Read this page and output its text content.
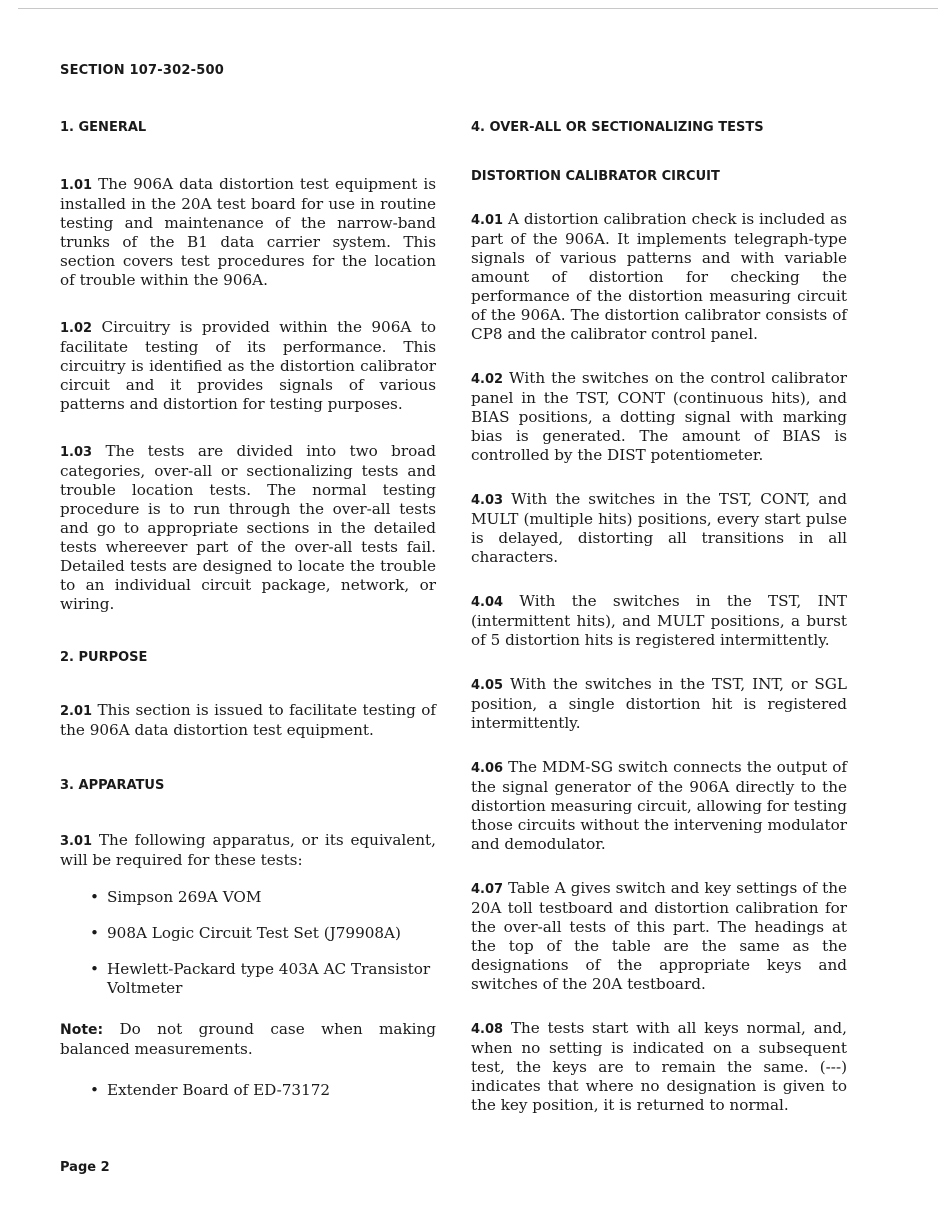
SECTION 107-302-500
1. GENERAL

1.01 The 906A data distortion test equipment is installed in the 20A test board for use in routine testing and maintenance of the narrow-band trunks of the B1 data carrier system. This section covers test procedures for the location of trouble within the 906A.

1.02 Circuitry is provided within the 906A to facilitate testing of its performance. This circuitry is identified as the distortion calibrator circuit and it provides signals of various patterns and distortion for testing purposes.

1.03 The tests are divided into two broad categories, over-all or sectionalizing tests and trouble location tests. The normal testing procedure is to run through the over-all tests and go to appropriate sections in the detailed tests whereever part of the over-all tests fail. Detailed tests are designed to locate the trouble to an individual circuit package, network, or wiring.

2. PURPOSE

2.01 This section is issued to facilitate testing of the 906A data distortion test equipment.

3. APPARATUS

3.01 The following apparatus, or its equivalent, will be required for these tests:

• Simpson 269A VOM

• 908A Logic Circuit Test Set (J79908A)

• Hewlett-Packard type 403A AC Transistor Voltmeter

Note: Do not ground case when making balanced measurements.

• Extender Board of ED-73172

4. OVER-ALL OR SECTIONALIZING TESTS
DISTORTION CALIBRATOR CIRCUIT

4.01 A distortion calibration check is included as part of the 906A. It implements telegraph-type signals of various patterns and with variable amount of distortion for checking the performance of the distortion measuring circuit of the 906A. The distortion calibrator consists of CP8 and the calibrator control panel.

4.02 With the switches on the control calibrator panel in the TST, CONT (continuous hits), and BIAS positions, a dotting signal with marking bias is generated. The amount of BIAS is controlled by the DIST potentiometer.

4.03 With the switches in the TST, CONT, and MULT (multiple hits) positions, every start pulse is delayed, distorting all transitions in all characters.

4.04 With the switches in the TST, INT (intermittent hits), and MULT positions, a burst of 5 distortion hits is registered intermittently.

4.05 With the switches in the TST, INT, or SGL position, a single distortion hit is registered intermittently.

4.06 The MDM-SG switch connects the output of the signal generator of the 906A directly to the distortion measuring circuit, allowing for testing those circuits without the intervening modulator and demodulator.

4.07 Table A gives switch and key settings of the 20A toll testboard and distortion calibration for the over-all tests of this part. The headings at the top of the table are the same as the designations of the appropriate keys and switches of the 20A testboard.

4.08 The tests start with all keys normal, and, when no setting is indicated on a subsequent test, the keys are to remain the same. (---) indicates that where no designation is given to the key position, it is returned to normal.

Page 2
